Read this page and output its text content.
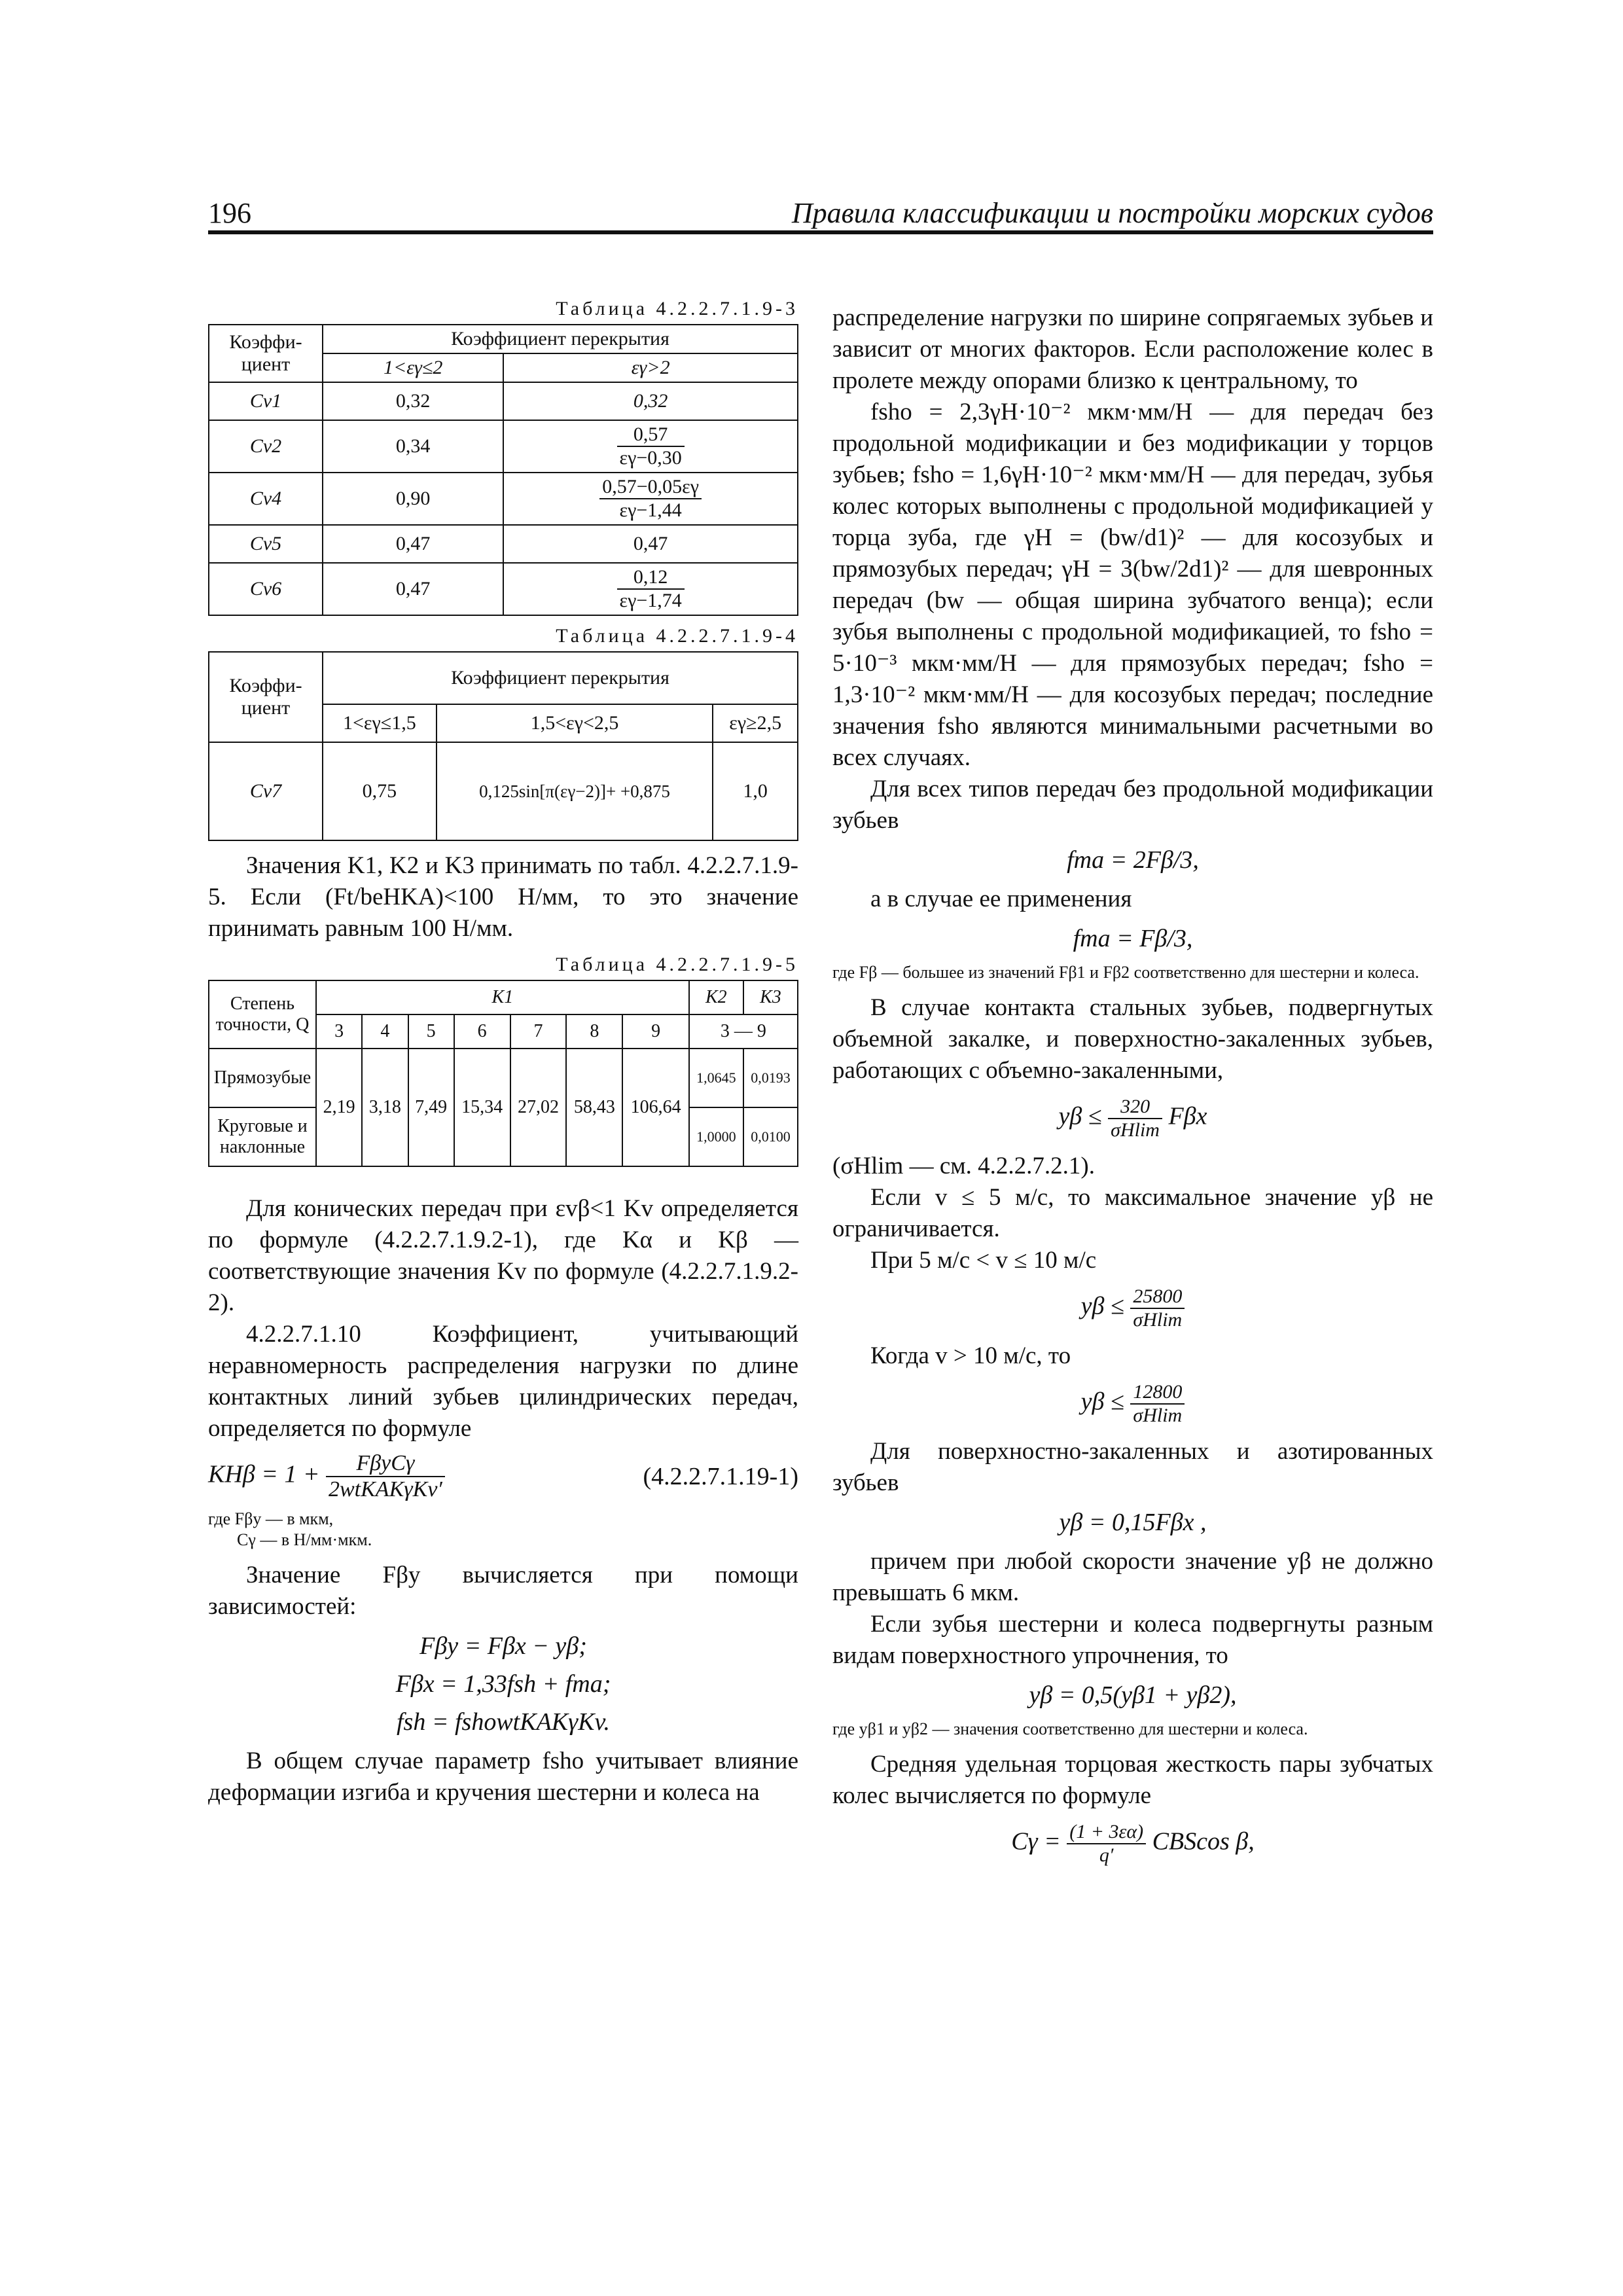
196	Правила классификации и постройки морских судов
Таблица 4.2.2.7.1.9-3
Коэффи-циент	Коэффициент перекрытия	
	1<εγ≤2	εγ>2
Cv1	0,32	0,32
Cv2	0,34	$\frac{0,57}{\varepsilon\gamma-0,30}$

Cv4	0,90	$\frac{0,57-0,05\varepsilon\gamma}{\varepsilon\gamma-1,44}$

Cv5	0,47	0,47
Cv6	0,47	$\frac{0,12}{\varepsilon\gamma-1,74}$
Таблица 4.2.2.7.1.9-4
Коэффи-циент	Коэффициент перекрытия		
	1<εγ≤1,5	1,5<εγ<2,5	εγ≥2,5
Cv7	0,75	0,125sin[π(εγ−2)]+ +0,875	1,0

Значения K1, K2 и K3 принимать по табл. 4.2.2.7.1.9-5. Если (Ft/beHKA)<100 Н/мм, то это значение принимать равным 100 Н/мм.

Таблица 4.2.2.7.1.9-5
Степень точности, Q	K1							K2	K3
	3	4	5	6	7	8	9	3 — 9	
Прямозубые	2,19	3,18	7,49	15,34	27,02	58,43	106,64	1,0645	0,0193
Круговые и наклонные								1,0000	0,0100

Для конических передач при εvβ<1 Kv определяется по формуле (4.2.2.7.1.9.2-1), где Kα и Kβ — соответствующие значения Kv по формуле (4.2.2.7.1.9.2-2).

4.2.2.7.1.10 Коэффициент, учитывающий неравномерность распределения нагрузки по длине контактных линий зубьев цилиндрических передач, определяется по формуле

$KH\beta = 1 + \frac{\text{FβyCγ}}{\text{2wtKAKγKv′}}$	(4.2.2.7.1.19-1)
где Fβy — в мкм,
Cγ — в Н/мм·мкм.

Значение Fβy вычисляется при помощи зависимостей:

Fβy = Fβx − yβ;
Fβx = 1,33fsh + fma;
fsh = fshowtKAKγKv.

В общем случае параметр fsho учитывает влияние деформации изгиба и кручения шестерни и колеса на

распределение нагрузки по ширине сопрягаемых зубьев и зависит от многих факторов. Если расположение колес в пролете между опорами близко к центральному, то

fsho = 2,3γH·10⁻² мкм·мм/Н — для передач без продольной модификации и без модификации у торцов зубьев; fsho = 1,6γH·10⁻² мкм·мм/Н — для передач, зубья колес которых выполнены с продольной модификацией у торца зуба, где γH = (bw/d1)² — для косозубых и прямозубых передач; γH = 3(bw/2d1)² — для шевронных передач (bw — общая ширина зубчатого венца); если зубья выполнены с продольной модификацией, то fsho = 5·10⁻³ мкм·мм/Н — для прямозубых передач; fsho = 1,3·10⁻² мкм·мм/Н — для косозубых передач; последние значения fsho являются минимальными расчетными во всех случаях.

Для всех типов передач без продольной модификации зубьев

fma = 2Fβ/3,

а в случае ее применения

fma = Fβ/3,

где Fβ — большее из значений Fβ1 и Fβ2 соответственно для шестерни и колеса.

В случае контакта стальных зубьев, подвергнутых объемной закалке, и поверхностно-закаленных зубьев, работающих с объемно-закаленными,

$y\beta \le \frac{320}{\sigma Hlim}$ Fβx

(σHlim — см. 4.2.2.7.2.1).

Если v ≤ 5 м/с, то максимальное значение yβ не ограничивается.

При 5 м/с < v ≤ 10 м/с

$y\beta \le \frac{25800}{\sigma Hlim}$

Когда v > 10 м/с, то

$y\beta \le \frac{12800}{\sigma Hlim}$

Для поверхностно-закаленных и азотированных зубьев

yβ = 0,15Fβx ,

причем при любой скорости значение yβ не должно превышать 6 мкм.

Если зубья шестерни и колеса подвергнуты разным видам поверхностного упрочнения, то

yβ = 0,5(yβ1 + yβ2),

где yβ1 и yβ2 — значения соответственно для шестерни и колеса.

Средняя удельная торцовая жесткость пары зубчатых колес вычисляется по формуле

$C\gamma = \frac{(1 + 3\varepsilon\alpha)}{q'}$ CBScos β,
